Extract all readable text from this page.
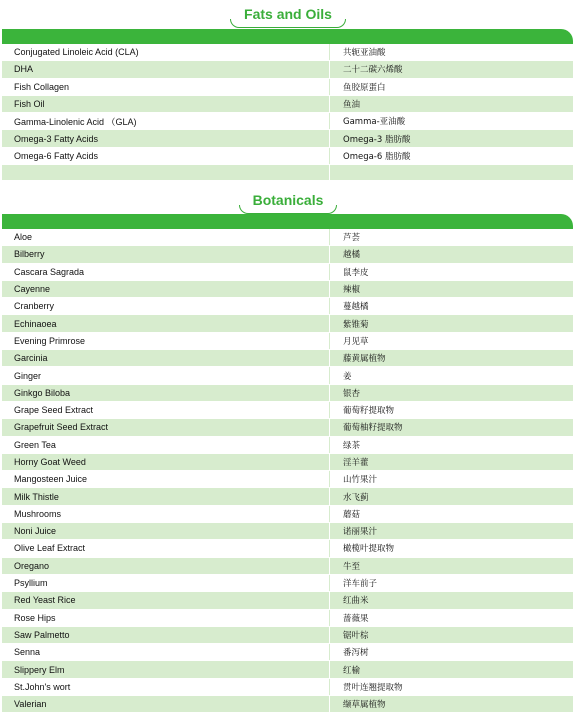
Fats and Oils
Conjugated Linoleic Acid (CLA)	共轭亚油酸
DHA	二十二碳六烯酸
Fish Collagen	鱼胶原蛋白
Fish Oil	鱼油
Gamma-Linolenic Acid （GLA)	Gamma-亚油酸
Omega-3 Fatty Acids	Omega-3 脂肪酸
Omega-6 Fatty Acids	Omega-6 脂肪酸
Botanicals
Aloe	芦荟
Bilberry	越橘
Cascara Sagrada	鼠李皮
Cayenne	辣椒
Cranberry	蔓越橘
Echinaoea	紫锥菊
Evening Primrose	月见草
Garcinia	藤黄属植物
Ginger	姜
Ginkgo Biloba	银杏
Grape Seed Extract	葡萄籽提取物
Grapefruit Seed Extract	葡萄柚籽提取物
Green Tea	绿茶
Horny Goat Weed	淫羊藿
Mangosteen Juice	山竹果汁
Milk Thistle	水飞蓟
Mushrooms	蘑菇
Noni Juice	诺丽果汁
Olive Leaf Extract	橄榄叶提取物
Oregano	牛至
Psyllium	洋车前子
Red Yeast Rice	红曲米
Rose Hips	蔷薇果
Saw Palmetto	锯叶棕
Senna	番泻树
Slippery Elm	红榆
St.John's wort	贯叶连翘提取物
Valerian	缬草属植物
